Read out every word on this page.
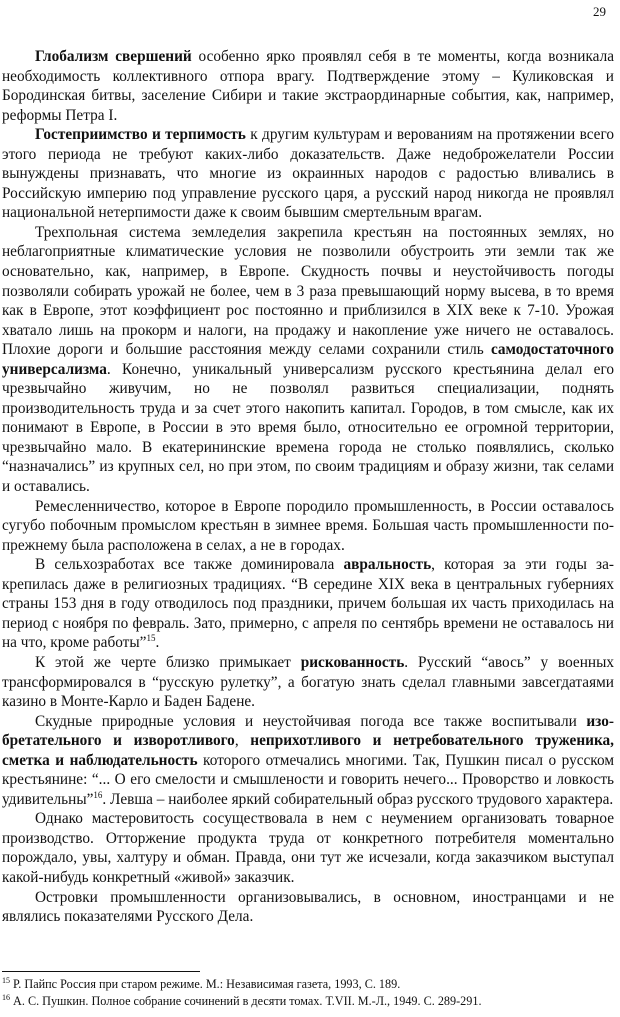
29

Глобализм свершений особенно ярко проявлял себя в те моменты, когда возникала необходимость коллективного отпора врагу. Подтверждение этому – Куликовская и Бородинская битвы, заселение Сибири и такие экстраординарные события, как, например, реформы Петра I.

Гостеприимство и терпимость к другим культурам и верованиям на протяжении всего этого периода не требуют каких-либо доказательств. Даже недоброжелатели России вынуждены признавать, что многие из окраинных народов с радостью вливались в Российскую империю под управление русского царя, а русский народ никогда не проявлял национальной нетерпимости даже к своим бывшим смертельным врагам.

Трехпольная система земледелия закрепила крестьян на постоянных землях, но неблагоприятные климатические условия не позволили обустроить эти земли так же основательно, как, например, в Европе. Скудность почвы и неустойчивость погоды позволяли собирать урожай не более, чем в 3 раза превышающий норму высева, в то время как в Европе, этот коэффициент рос постоянно и приблизился в XIX веке к 7-10. Урожая хватало лишь на прокорм и налоги, на продажу и накопление уже ничего не оставалось. Плохие дороги и большие расстояния между селами сохранили стиль самодостаточного универсализма. Конечно, уникальный универсализм русского крестьянина делал его чрезвычайно живучим, но не позволял развиться специализации, поднять производительность труда и за счет этого накопить капитал. Городов, в том смысле, как их понимают в Европе, в России в это время было, относительно ее огромной территории, чрезвычайно мало. В екатерининские времена города не столько появлялись, сколько “назначались” из крупных сел, но при этом, по своим традициям и образу жизни, так селами и оставались.

Ремесленничество, которое в Европе породило промышленность, в России оставалось сугубо побочным промыслом крестьян в зимнее время. Большая часть промышленности по-прежнему была расположена в селах, а не в городах.

В сельхозработах все также доминировала авральность, которая за эти годы закрепилась даже в религиозных традициях. “В середине XIX века в центральных губерниях страны 153 дня в году отводилось под праздники, причем большая их часть приходилась на период с ноября по февраль. Зато, примерно, с апреля по сентябрь времени не оставалось ни на что, кроме работы”$^{15}$.

К этой же черте близко примыкает рискованность. Русский “авось” у военных трансформировался в “русскую рулетку”, а богатую знать сделал главными завсегдатаями казино в Монте-Карло и Баден Бадене.

Скудные природные условия и неустойчивая погода все также воспитывали изобретательного и изворотливого, неприхотливого и нетребовательного труженика, сметка и наблюдательность которого отмечались многими. Так, Пушкин писал о русском крестьянине: “... О его смелости и смышлености и говорить нечего... Проворство и ловкость удивительны”$^{16}$. Левша – наиболее яркий собирательный образ русского трудового характера.

Однако мастеровитость сосуществовала в нем с неумением организовать товарное производство. Отторжение продукта труда от конкретного потребителя моментально порождало, увы, халтуру и обман. Правда, они тут же исчезали, когда заказчиком выступал какой-нибудь конкретный «живой» заказчик.

Островки промышленности организовывались, в основном, иностранцами и не являлись показателями Русского Дела.

$^{15}$ Р. Пайпс Россия при старом режиме. М.: Независимая газета, 1993, С. 189.

$^{16}$ А. С. Пушкин. Полное собрание сочинений в десяти томах. Т.VII. М.-Л., 1949. С. 289-291.
